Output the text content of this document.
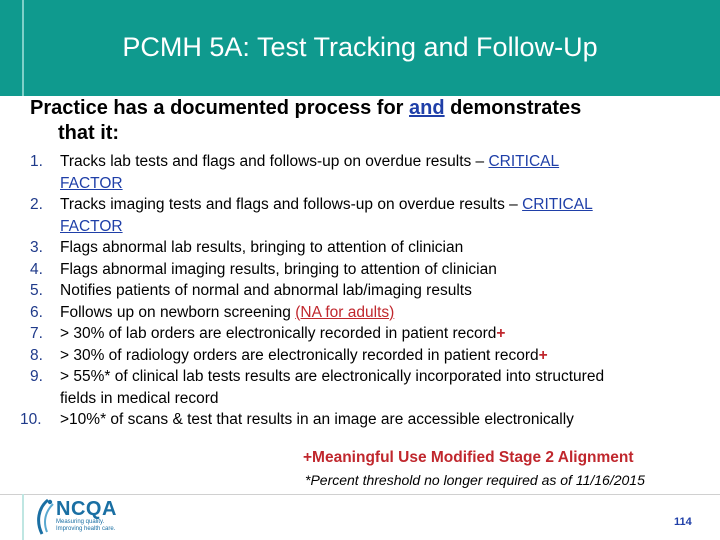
PCMH 5A: Test Tracking and Follow-Up
Practice has a documented process for and demonstrates
that it:
1.	Tracks lab tests and flags and follows-up on overdue results – CRITICAL
FACTOR
2.	Tracks imaging tests and flags and follows-up on overdue results – CRITICAL
FACTOR
3.	Flags abnormal lab results, bringing to attention of clinician
4.	Flags abnormal imaging results, bringing to attention of clinician
5.	Notifies patients of normal and abnormal lab/imaging results
6.	Follows up on newborn screening (NA for adults)
7.	> 30% of lab orders are electronically recorded in patient record+
8.	> 30% of radiology orders are electronically recorded in patient record+
9.	> 55%* of clinical lab tests results are electronically incorporated into structured
fields in medical record
10.	>10%* of scans & test that results in an image are accessible electronically
+Meaningful Use Modified Stage 2 Alignment
*Percent threshold no longer required as of 11/16/2015
NCQA
Measuring quality. Improving health care.
114
